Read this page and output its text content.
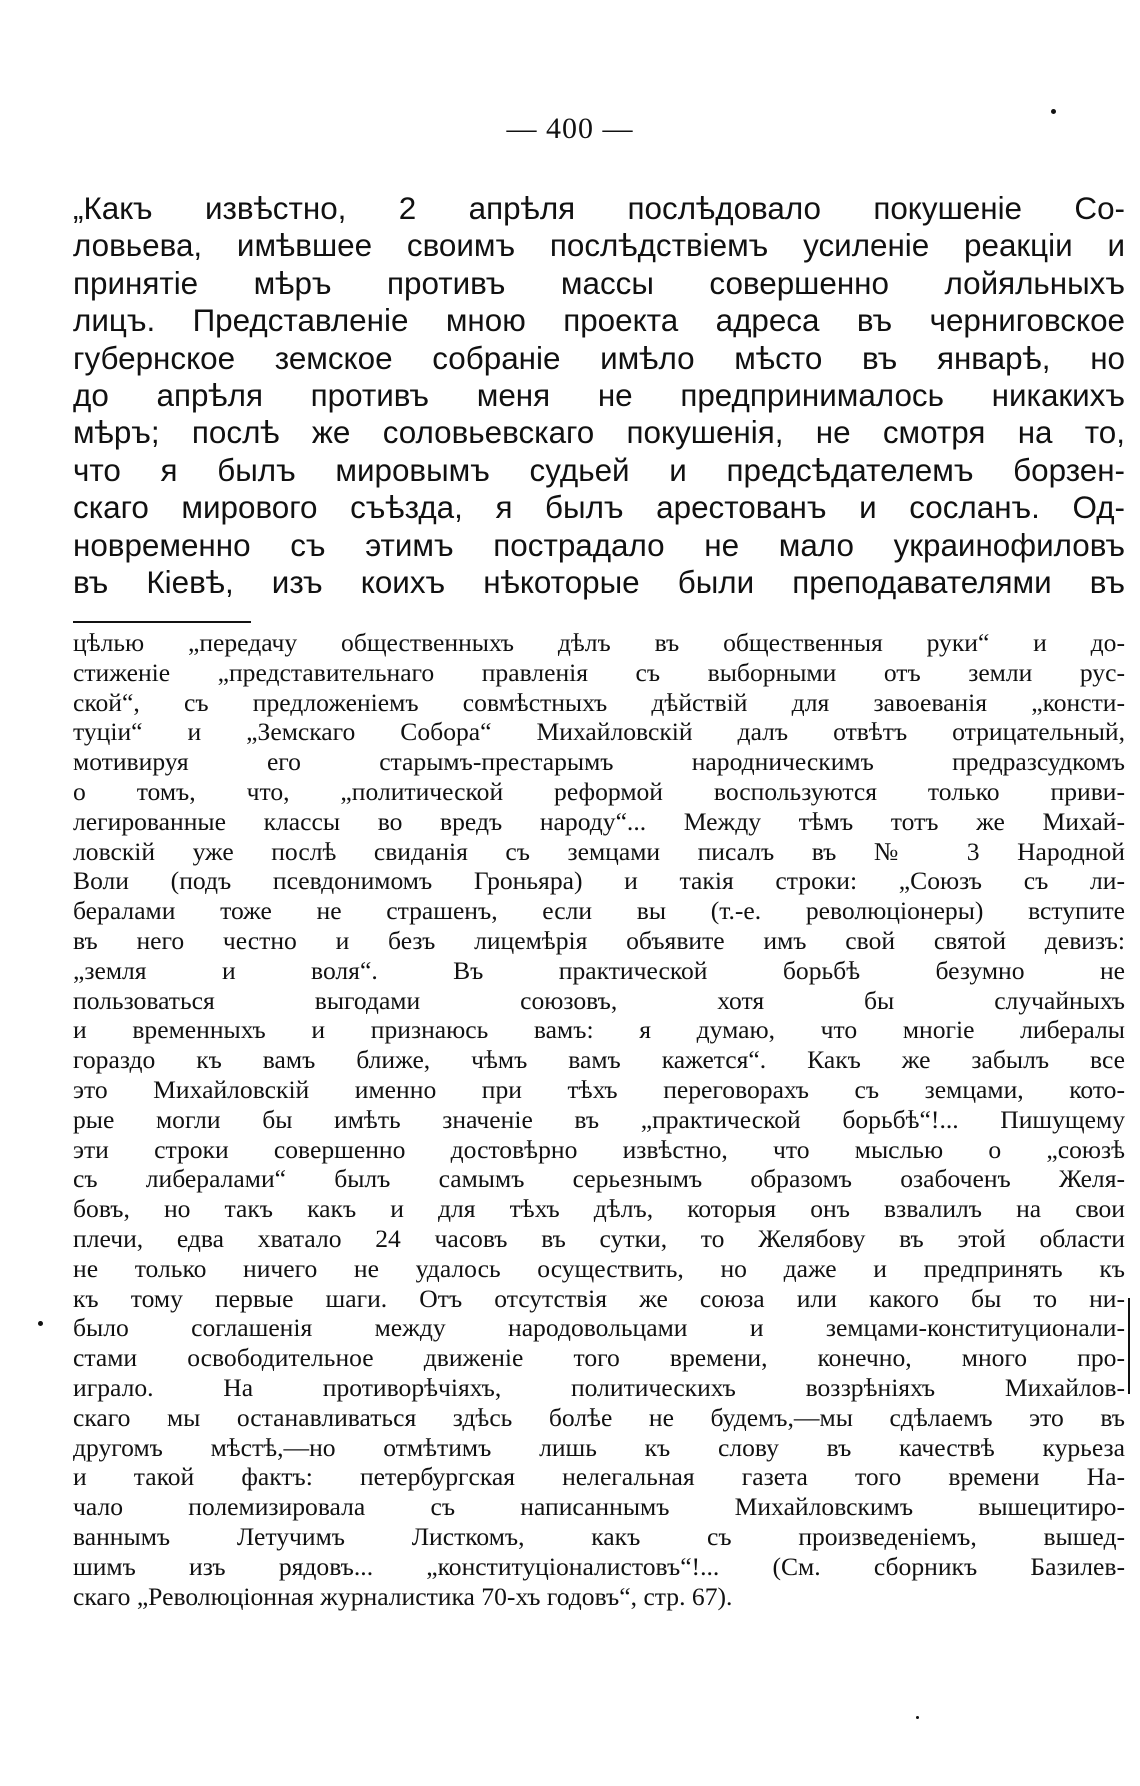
— 400 —
„Какъ извѣстно, 2 апрѣля послѣдовало покушеніе Со-
ловьева, имѣвшее своимъ послѣдствіемъ усиленіе реакціи и
принятіе мѣръ противъ массы совершенно лойяльныхъ
лицъ. Представленіе мною проекта адреса въ черниговское
губернское земское собраніе имѣло мѣсто въ январѣ, но
до апрѣля противъ меня не предпринималось никакихъ
мѣръ; послѣ же соловьевскаго покушенія, не смотря на то,
что я былъ мировымъ судьей и предсѣдателемъ борзен-
скаго мирового съѣзда, я былъ арестованъ и сосланъ. Од-
новременно съ этимъ пострадало не мало украинофиловъ
въ Кіевѣ, изъ коихъ нѣкоторые были преподавателями въ
цѣлью „передачу общественныхъ дѣлъ въ общественныя руки“ и до-
стиженіе „представительнаго правленія съ выборными отъ земли рус-
ской“, съ предложеніемъ совмѣстныхъ дѣйствій для завоеванія „консти-
туціи“ и „Земскаго Собора“ Михайловскій далъ отвѣтъ отрицательный,
мотивируя его старымъ-престарымъ народническимъ предразсудкомъ
о томъ, что, „политической реформой воспользуются только приви-
легированные классы во вредъ народу“... Между тѣмъ тотъ же Михай-
ловскій уже послѣ свиданія съ земцами писалъ въ № 3 Народной
Воли (подъ псевдонимомъ Гроньяра) и такія строки: „Союзъ съ ли-
бералами тоже не страшенъ, если вы (т.-е. революціонеры) вступите
въ него честно и безъ лицемѣрія объявите имъ свой святой девизъ:
„земля и воля“. Въ практической борьбѣ безумно не
пользоваться выгодами союзовъ, хотя бы случайныхъ
и временныхъ и признаюсь вамъ: я думаю, что многіе либералы
гораздо къ вамъ ближе, чѣмъ вамъ кажется“. Какъ же забылъ все
это Михайловскій именно при тѣхъ переговорахъ съ земцами, кото-
рые могли бы имѣть значеніе въ „практической борьбѣ“!... Пишущему
эти строки совершенно достовѣрно извѣстно, что мыслью о „союзѣ
съ либералами“ былъ самымъ серьезнымъ образомъ озабоченъ Желя-
бовъ, но такъ какъ и для тѣхъ дѣлъ, которыя онъ взвалилъ на свои
плечи, едва хватало 24 часовъ въ сутки, то Желябову въ этой области
не только ничего не удалось осуществить, но даже и предпринять къ
къ тому первые шаги. Отъ отсутствія же союза или какого бы то ни-
было соглашенія между народовольцами и земцами-конституционали-
стами освободительное движеніе того времени, конечно, много про-
играло. На противорѣчіяхъ, политическихъ воззрѣніяхъ Михайлов-
скаго мы останавливаться здѣсь болѣе не будемъ,—мы сдѣлаемъ это въ
другомъ мѣстѣ,—но отмѣтимъ лишь къ слову въ качествѣ курьеза
и такой фактъ: петербургская нелегальная газета того времени На-
чало полемизировала съ написаннымъ Михайловскимъ вышецитиро-
ваннымъ Летучимъ Листкомъ, какъ съ произведеніемъ, вышед-
шимъ изъ рядовъ... „конституціоналистовъ“!... (См. сборникъ Базилев-
скаго „Революціонная журналистика 70-хъ годовъ“, стр. 67).
